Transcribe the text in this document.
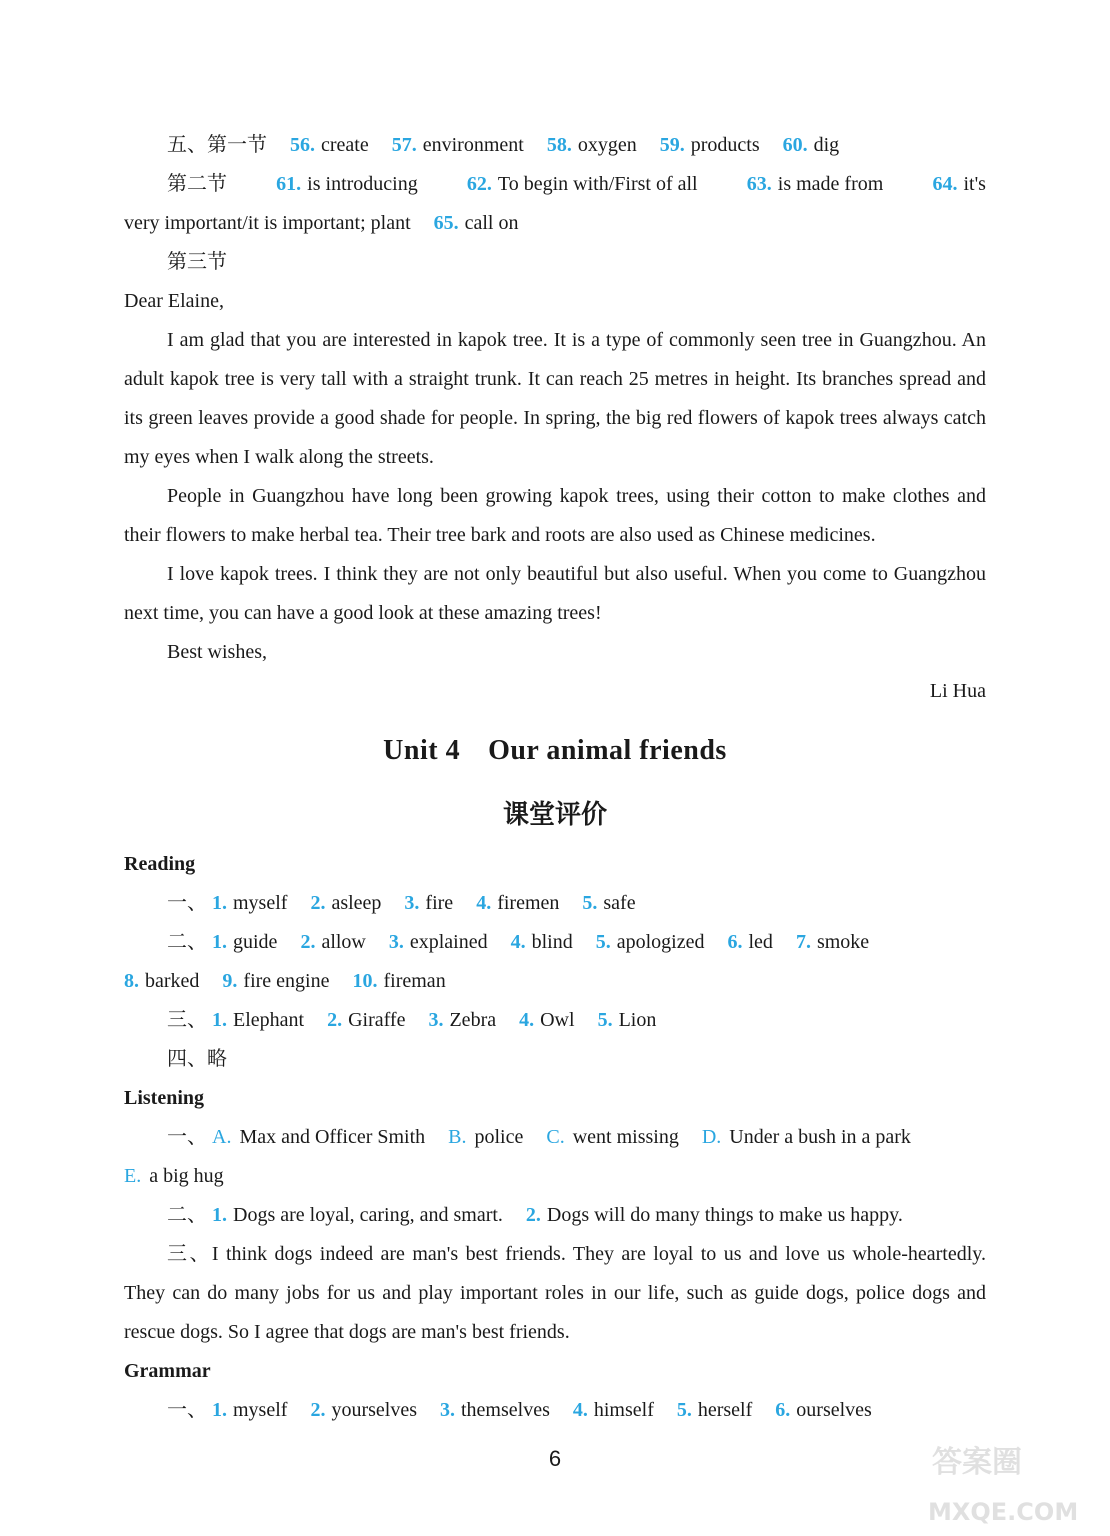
五、第一节 56. create 57. environment 58. oxygen 59. products 60. dig
第二节 61. is introducing 62. To begin with/First of all 63. is made from 64. it's
very important/it is important; plant 65. call on
第三节
Dear Elaine,

I am glad that you are interested in kapok tree. It is a type of commonly seen tree in Guangzhou. An adult kapok tree is very tall with a straight trunk. It can reach 25 metres in height. Its branches spread and its green leaves provide a good shade for people. In spring, the big red flowers of kapok trees always catch my eyes when I walk along the streets.

People in Guangzhou have long been growing kapok trees, using their cotton to make clothes and their flowers to make herbal tea. Their tree bark and roots are also used as Chinese medicines.

I love kapok trees. I think they are not only beautiful but also useful. When you come to Guangzhou next time, you can have a good look at these amazing trees!

Best wishes,
Li Hua
Unit 4 Our animal friends
课堂评价
Reading
一、 1. myself 2. asleep 3. fire 4. firemen 5. safe
二、 1. guide 2. allow 3. explained 4. blind 5. apologized 6. led 7. smoke
8. barked 9. fire engine 10. fireman
三、 1. Elephant 2. Giraffe 3. Zebra 4. Owl 5. Lion
四、略
Listening
一、 A. Max and Officer Smith B. police C. went missing D. Under a bush in a park
E. a big hug
二、 1. Dogs are loyal, caring, and smart. 2. Dogs will do many things to make us happy.

三、I think dogs indeed are man's best friends. They are loyal to us and love us whole-heartedly. They can do many jobs for us and play important roles in our life, such as guide dogs, police dogs and rescue dogs. So I agree that dogs are man's best friends.

Grammar
一、 1. myself 2. yourselves 3. themselves 4. himself 5. herself 6. ourselves
6	答案圈
MXQE.COM
